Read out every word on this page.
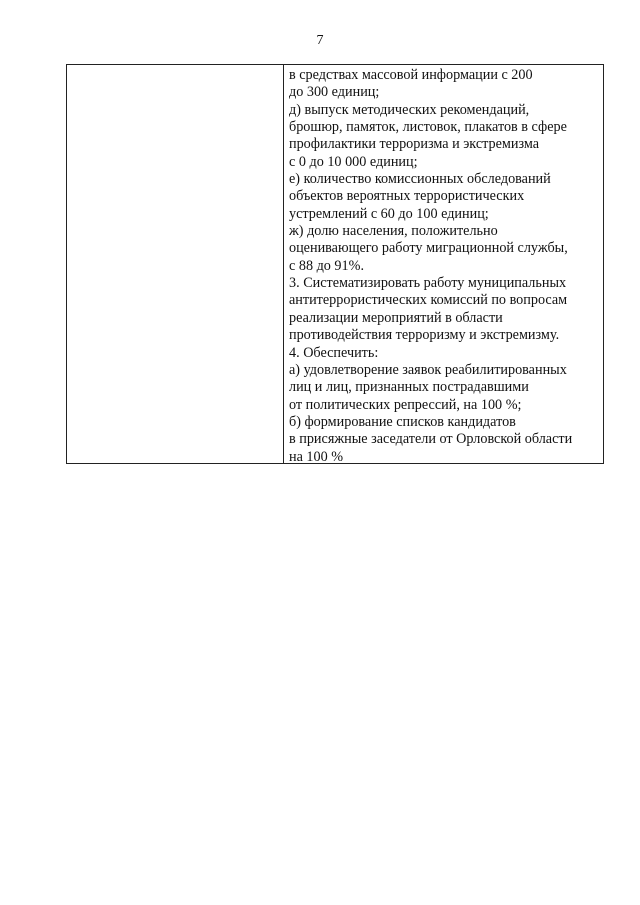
7
в средствах массовой информации с 200
до 300 единиц;
д) выпуск методических рекомендаций,
брошюр, памяток, листовок, плакатов в сфере
профилактики терроризма и экстремизма
с 0 до 10 000 единиц;
е) количество комиссионных обследований
объектов вероятных террористических
устремлений с 60 до 100 единиц;
ж) долю населения, положительно
оценивающего работу миграционной службы,
с 88 до 91%.
3. Систематизировать работу муниципальных
антитеррористических комиссий по вопросам
реализации мероприятий в области
противодействия терроризму и экстремизму.
4. Обеспечить:
а) удовлетворение заявок реабилитированных
лиц и лиц, признанных пострадавшими
от политических репрессий, на 100 %;
б) формирование списков кандидатов
в присяжные заседатели от Орловской области
на 100 %
